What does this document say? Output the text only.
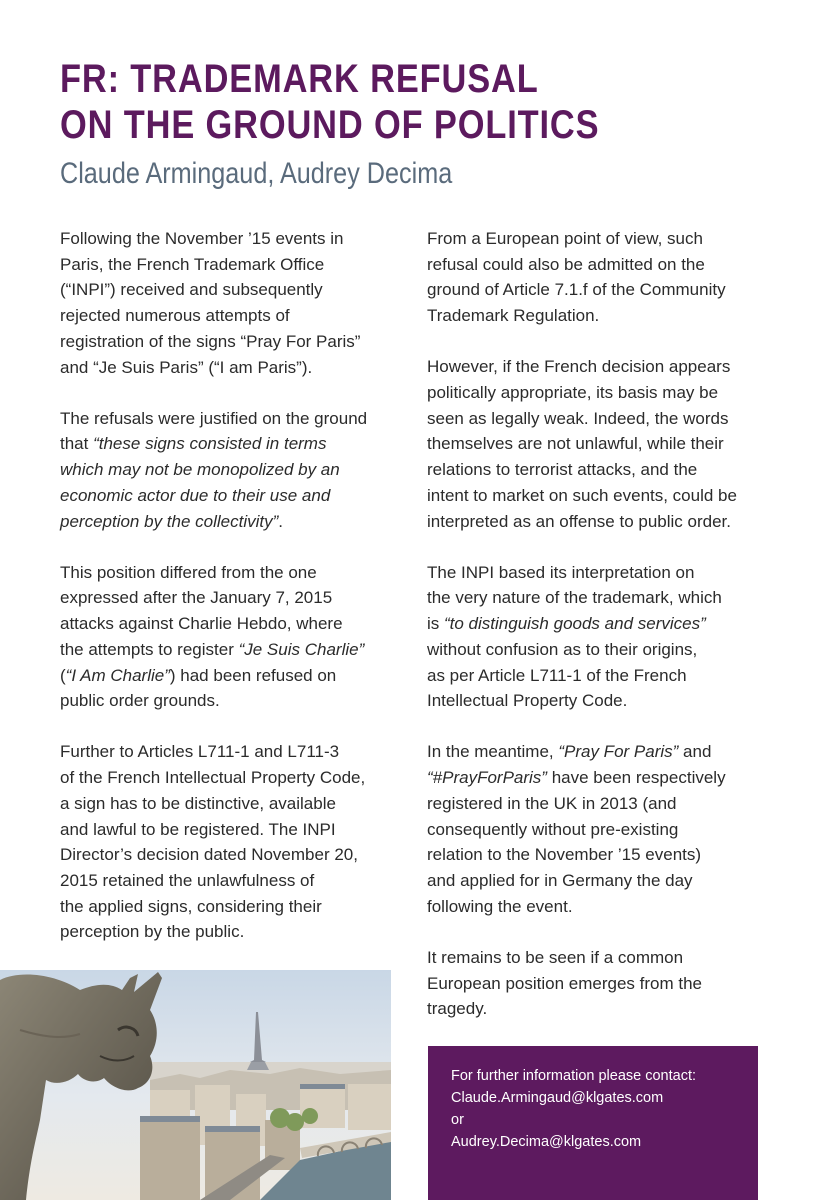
FR: TRADEMARK REFUSAL
ON THE GROUND OF POLITICS
Claude Armingaud, Audrey Decima

Following the November ’15 events in
Paris, the French Trademark Office
(“INPI”) received and subsequently
rejected numerous attempts of
registration of the signs “Pray For Paris”
and “Je Suis Paris” (“I am Paris”).

The refusals were justified on the ground
that “these signs consisted in terms
which may not be monopolized by an
economic actor due to their use and
perception by the collectivity”.

This position differed from the one
expressed after the January 7, 2015
attacks against Charlie Hebdo, where
the attempts to register “Je Suis Charlie”
(“I Am Charlie”) had been refused on
public order grounds.

Further to Articles L711-1 and L711-3
of the French Intellectual Property Code,
a sign has to be distinctive, available
and lawful to be registered. The INPI
Director’s decision dated November 20,
2015 retained the unlawfulness of
the applied signs, considering their
perception by the public.

From a European point of view, such
refusal could also be admitted on the
ground of Article 7.1.f of the Community
Trademark Regulation.

However, if the French decision appears
politically appropriate, its basis may be
seen as legally weak. Indeed, the words
themselves are not unlawful, while their
relations to terrorist attacks, and the
intent to market on such events, could be
interpreted as an offense to public order.

The INPI based its interpretation on
the very nature of the trademark, which
is “to distinguish goods and services”
without confusion as to their origins,
as per Article L711-1 of the French
Intellectual Property Code.

In the meantime, “Pray For Paris” and
“#PrayForParis” have been respectively
registered in the UK in 2013 (and
consequently without pre-existing
relation to the November ’15 events)
and applied for in Germany the day
following the event.

It remains to be seen if a common
European position emerges from the
tragedy.

For further information please contact:
Claude.Armingaud@klgates.com
or
Audrey.Decima@klgates.com
